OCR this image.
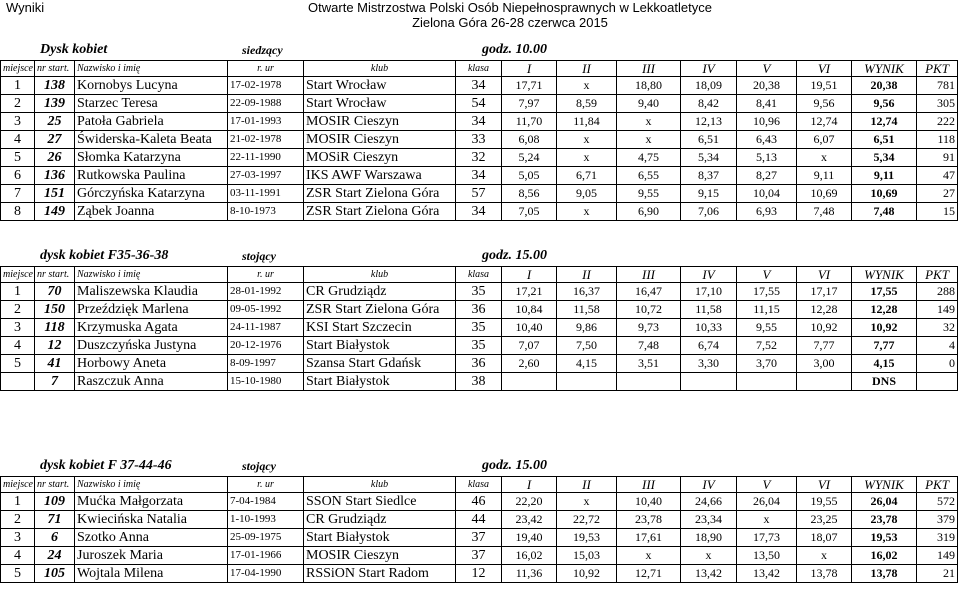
Wyniki	Otwarte Mistrzostwa Polski Osób Niepełnosprawnych w Lekkoatletyce
Zielona Góra 26-28 czerwca 2015
Dysk kobiet	siedzący	godz. 10.00
miejsce	nr start.	Nazwisko i imię	r. ur	klub	klasa	I	II	III	IV	V	VI	WYNIK	PKT
1	138	Kornobys Lucyna	17-02-1978	Start Wrocław	34	17,71	x	18,80	18,09	20,38	19,51	20,38	781
2	139	Starzec Teresa	22-09-1988	Start Wrocław	54	7,97	8,59	9,40	8,42	8,41	9,56	9,56	305
3	25	Patoła Gabriela	17-01-1993	MOSIR Cieszyn	34	11,70	11,84	x	12,13	10,96	12,74	12,74	222
4	27	Świderska-Kaleta Beata	21-02-1978	MOSIR Cieszyn	33	6,08	x	x	6,51	6,43	6,07	6,51	118
5	26	Słomka Katarzyna	22-11-1990	MOSiR Cieszyn	32	5,24	x	4,75	5,34	5,13	x	5,34	91
6	136	Rutkowska Paulina	27-03-1997	IKS AWF Warszawa	34	5,05	6,71	6,55	8,37	8,27	9,11	9,11	47
7	151	Górczyńska Katarzyna	03-11-1991	ZSR Start Zielona Góra	57	8,56	9,05	9,55	9,15	10,04	10,69	10,69	27
8	149	Ząbek Joanna	8-10-1973	ZSR Start Zielona Góra	34	7,05	x	6,90	7,06	6,93	7,48	7,48	15
dysk kobiet F35-36-38	stojący	godz. 15.00
miejsce	nr start.	Nazwisko i imię	r. ur	klub	klasa	I	II	III	IV	V	VI	WYNIK	PKT
1	70	Maliszewska Klaudia	28-01-1992	CR Grudziądz	35	17,21	16,37	16,47	17,10	17,55	17,17	17,55	288
2	150	Przeździęk Marlena	09-05-1992	ZSR Start Zielona Góra	36	10,84	11,58	10,72	11,58	11,15	12,28	12,28	149
3	118	Krzymuska Agata	24-11-1987	KSI Start Szczecin	35	10,40	9,86	9,73	10,33	9,55	10,92	10,92	32
4	12	Duszczyńska Justyna	20-12-1976	Start Białystok	35	7,07	7,50	7,48	6,74	7,52	7,77	7,77	4
5	41	Horbowy Aneta	8-09-1997	Szansa Start Gdańsk	36	2,60	4,15	3,51	3,30	3,70	3,00	4,15	0
	7	Raszczuk Anna	15-10-1980	Start Białystok	38							DNS	
dysk kobiet F 37-44-46	stojący	godz. 15.00
miejsce	nr start.	Nazwisko i imię	r. ur	klub	klasa	I	II	III	IV	V	VI	WYNIK	PKT
1	109	Mućka Małgorzata	7-04-1984	SSON Start Siedlce	46	22,20	x	10,40	24,66	26,04	19,55	26,04	572
2	71	Kwiecińska Natalia	1-10-1993	CR Grudziądz	44	23,42	22,72	23,78	23,34	x	23,25	23,78	379
3	6	Szotko Anna	25-09-1975	Start Białystok	37	19,40	19,53	17,61	18,90	17,73	18,07	19,53	319
4	24	Juroszek Maria	17-01-1966	MOSIR Cieszyn	37	16,02	15,03	x	x	13,50	x	16,02	149
5	105	Wojtala Milena	17-04-1990	RSSiON Start Radom	12	11,36	10,92	12,71	13,42	13,42	13,78	13,78	21
